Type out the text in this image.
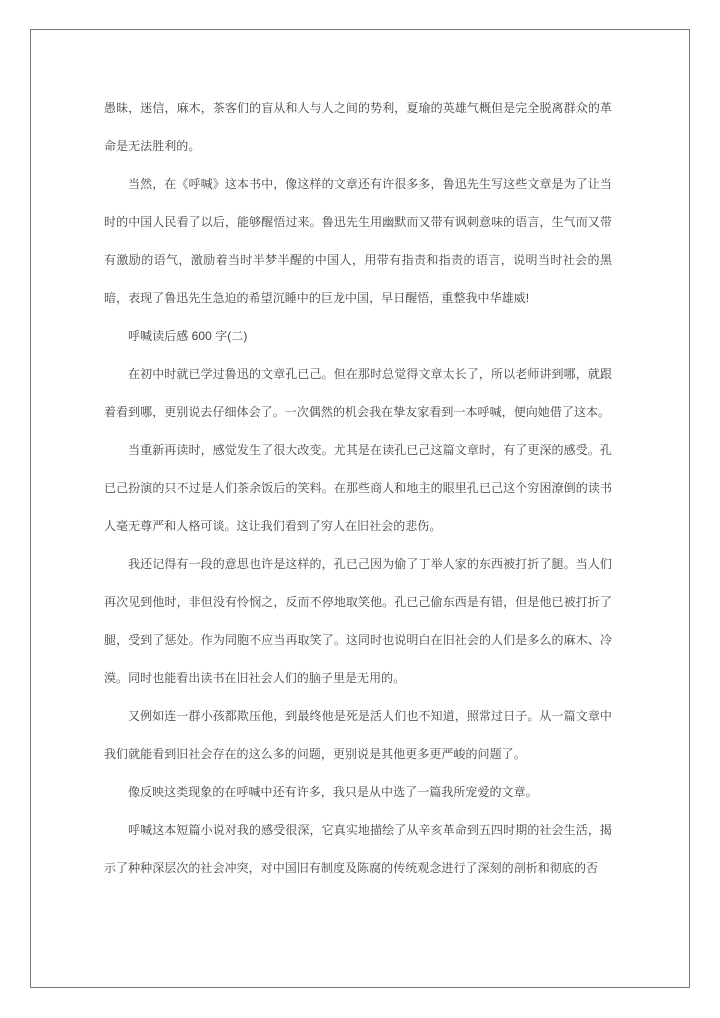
愚昧，迷信，麻木，茶客们的盲从和人与人之间的势利，夏瑜的英雄气概但是完全脱离群众的革命是无法胜利的。

当然，在《呼喊》这本书中，像这样的文章还有许很多多，鲁迅先生写这些文章是为了让当时的中国人民看了以后，能够醒悟过来。鲁迅先生用幽默而又带有讽刺意味的语言，生气而又带有激励的语气，激励着当时半梦半醒的中国人，用带有指责和指责的语言，说明当时社会的黑暗，表现了鲁迅先生急迫的希望沉睡中的巨龙中国，早日醒悟，重整我中华雄威!

呼喊读后感 600 字(二)

在初中时就已学过鲁迅的文章孔已己。但在那时总觉得文章太长了，所以老师讲到哪，就跟着看到哪，更别说去仔细体会了。一次偶然的机会我在挚友家看到一本呼喊，便向她借了这本。

当重新再读时，感觉发生了很大改变。尤其是在读孔已己这篇文章时，有了更深的感受。孔已己扮演的只不过是人们茶余饭后的笑料。在那些商人和地主的眼里孔已己这个穷困潦倒的读书人毫无尊严和人格可谈。这让我们看到了穷人在旧社会的悲伤。

我还记得有一段的意思也许是这样的，孔已己因为偷了丁举人家的东西被打折了腿。当人们再次见到他时，非但没有怜悯之，反而不停地取笑他。孔已己偷东西是有错，但是他已被打折了腿，受到了惩处。作为同胞不应当再取笑了。这同时也说明白在旧社会的人们是多么的麻木、冷漠。同时也能看出读书在旧社会人们的脑子里是无用的。

又例如连一群小孩都欺压他，到最终他是死是活人们也不知道，照常过日子。从一篇文章中我们就能看到旧社会存在的这么多的问题，更别说是其他更多更严峻的问题了。

像反映这类现象的在呼喊中还有许多，我只是从中选了一篇我所宠爱的文章。

呼喊这本短篇小说对我的感受很深，它真实地描绘了从辛亥革命到五四时期的社会生活，揭示了种种深层次的社会冲突，对中国旧有制度及陈腐的传统观念进行了深刻的剖析和彻底的否
